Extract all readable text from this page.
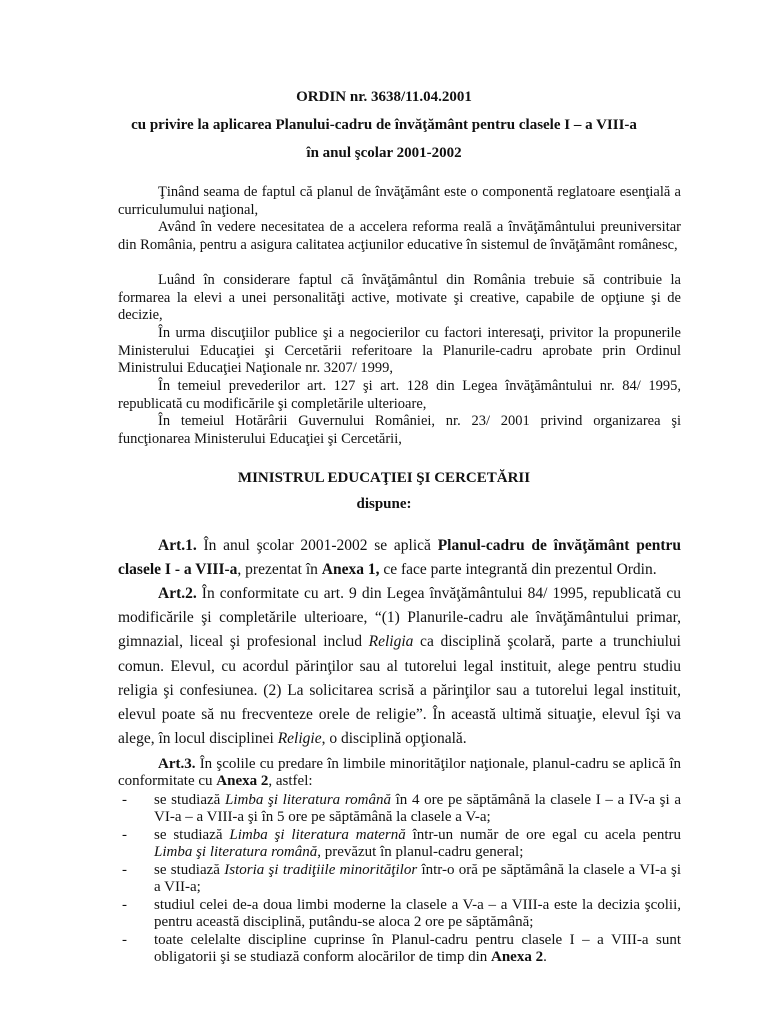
ORDIN nr. 3638/11.04.2001
cu privire la aplicarea Planului-cadru de învăţământ pentru clasele I – a VIII-a
în anul şcolar 2001-2002

Ţinând seama de faptul că planul de învăţământ este o componentă reglatoare esenţială a curriculumului naţional,

Având în vedere necesitatea de a accelera reforma reală a învăţământului preuniversitar din România, pentru a asigura calitatea acţiunilor educative în sistemul de învăţământ românesc,

Luând în considerare faptul că învăţământul din România trebuie să contribuie la formarea la elevi a unei personalităţi active, motivate şi creative, capabile de opţiune şi de decizie,

În urma discuţiilor publice şi a negocierilor cu factori interesaţi, privitor la propunerile Ministerului Educaţiei şi Cercetării referitoare la Planurile-cadru aprobate prin Ordinul Ministrului Educaţiei Naţionale nr. 3207/ 1999,

În temeiul prevederilor art. 127 şi art. 128 din Legea învăţământului nr. 84/ 1995, republicată cu modificările şi completările ulterioare,

În temeiul Hotărârii Guvernului României, nr. 23/ 2001 privind organizarea şi funcţionarea Ministerului Educaţiei şi Cercetării,

MINISTRUL EDUCAŢIEI ŞI CERCETĂRII
dispune:

Art.1. În anul şcolar 2001-2002 se aplică Planul-cadru de învăţământ pentru clasele I - a VIII-a, prezentat în Anexa 1, ce face parte integrantă din prezentul Ordin.

Art.2. În conformitate cu art. 9 din Legea învăţământului 84/ 1995, republicată cu modificările şi completările ulterioare, “(1) Planurile-cadru ale învăţământului primar, gimnazial, liceal şi profesional includ Religia ca disciplină şcolară, parte a trunchiului comun. Elevul, cu acordul părinţilor sau al tutorelui legal instituit, alege pentru studiu religia şi confesiunea. (2) La solicitarea scrisă a părinţilor sau a tutorelui legal instituit, elevul poate să nu frecventeze orele de religie”. În această ultimă situaţie, elevul îşi va alege, în locul disciplinei Religie, o disciplină opţională.

Art.3. În şcolile cu predare în limbile minorităţilor naţionale, planul-cadru se aplică în conformitate cu Anexa 2, astfel:

- se studiază Limba şi literatura română în 4 ore pe săptămână la clasele I – a IV-a şi a VI-a – a VIII-a şi în 5 ore pe săptămână la clasele a V-a;
- se studiază Limba şi literatura maternă într-un număr de ore egal cu acela pentru Limba şi literatura română, prevăzut în planul-cadru general;
- se studiază Istoria şi tradiţiile minorităţilor într-o oră pe săptămână la clasele a VI-a şi a VII-a;
- studiul celei de-a doua limbi moderne la clasele a V-a – a VIII-a este la decizia şcolii, pentru această disciplină, putându-se aloca 2 ore pe săptămână;
- toate celelalte discipline cuprinse în Planul-cadru pentru clasele I – a VIII-a sunt obligatorii şi se studiază conform alocărilor de timp din Anexa 2.
